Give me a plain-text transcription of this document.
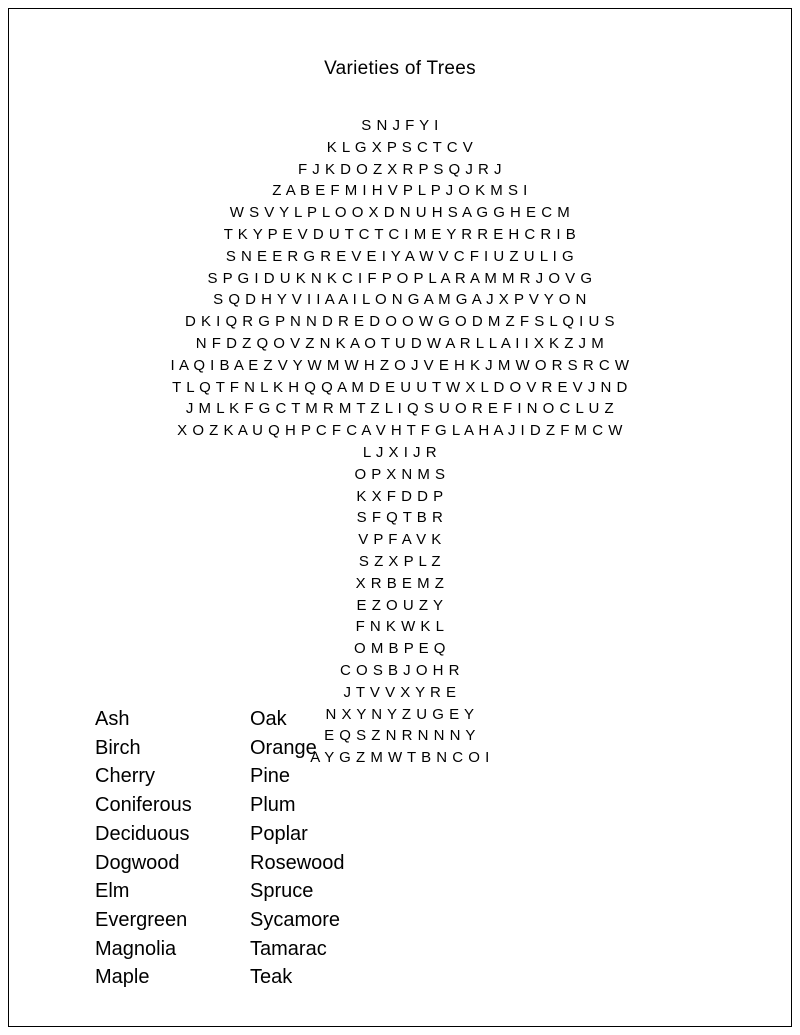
Varieties of Trees
S N J F Y I
K L G X P S C T C V
F J K D O Z X R P S Q J R J
Z A B E F M I H V P L P J O K M S I
W S V Y L P L O O X D N U H S A G G H E C M
T K Y P E V D U T C T C I M E Y R R E H C R I B
S N E E R G R E V E I Y A W V C F I U Z U L I G
S P G I D U K N K C I F P O P L A R A M M R J O V G
S Q D H Y V I I A A I L O N G A M G A J X P V Y O N
D K I Q R G P N N D R E D O O W G O D M Z F S L Q I U S
N F D Z Q O V Z N K A O T U D W A R L L A I I X K Z J M
I A Q I B A E Z V Y W M W H Z O J V E H K J M W O R S R C W
T L Q T F N L K H Q Q A M D E U U T W X L D O V R E V J N D
J M L K F G C T M R M T Z L I Q S U O R E F I N O C L U Z
X O Z K A U Q H P C F C A V H T F G L A H A J I D Z F M C W
L J X I J R
O P X N M S
K X F D D P
S F Q T B R
V P F A V K
S Z X P L Z
X R B E M Z
E Z O U Z Y
F N K W K L
O M B P E Q
C O S B J O H R
J T V V X Y R E
N X Y N Y Z U G E Y
E Q S Z N R N N N Y
A Y G Z M W T B N C O I
Ash
Birch
Cherry
Coniferous
Deciduous
Dogwood
Elm
Evergreen
Magnolia
Maple
Oak
Orange
Pine
Plum
Poplar
Rosewood
Spruce
Sycamore
Tamarac
Teak
